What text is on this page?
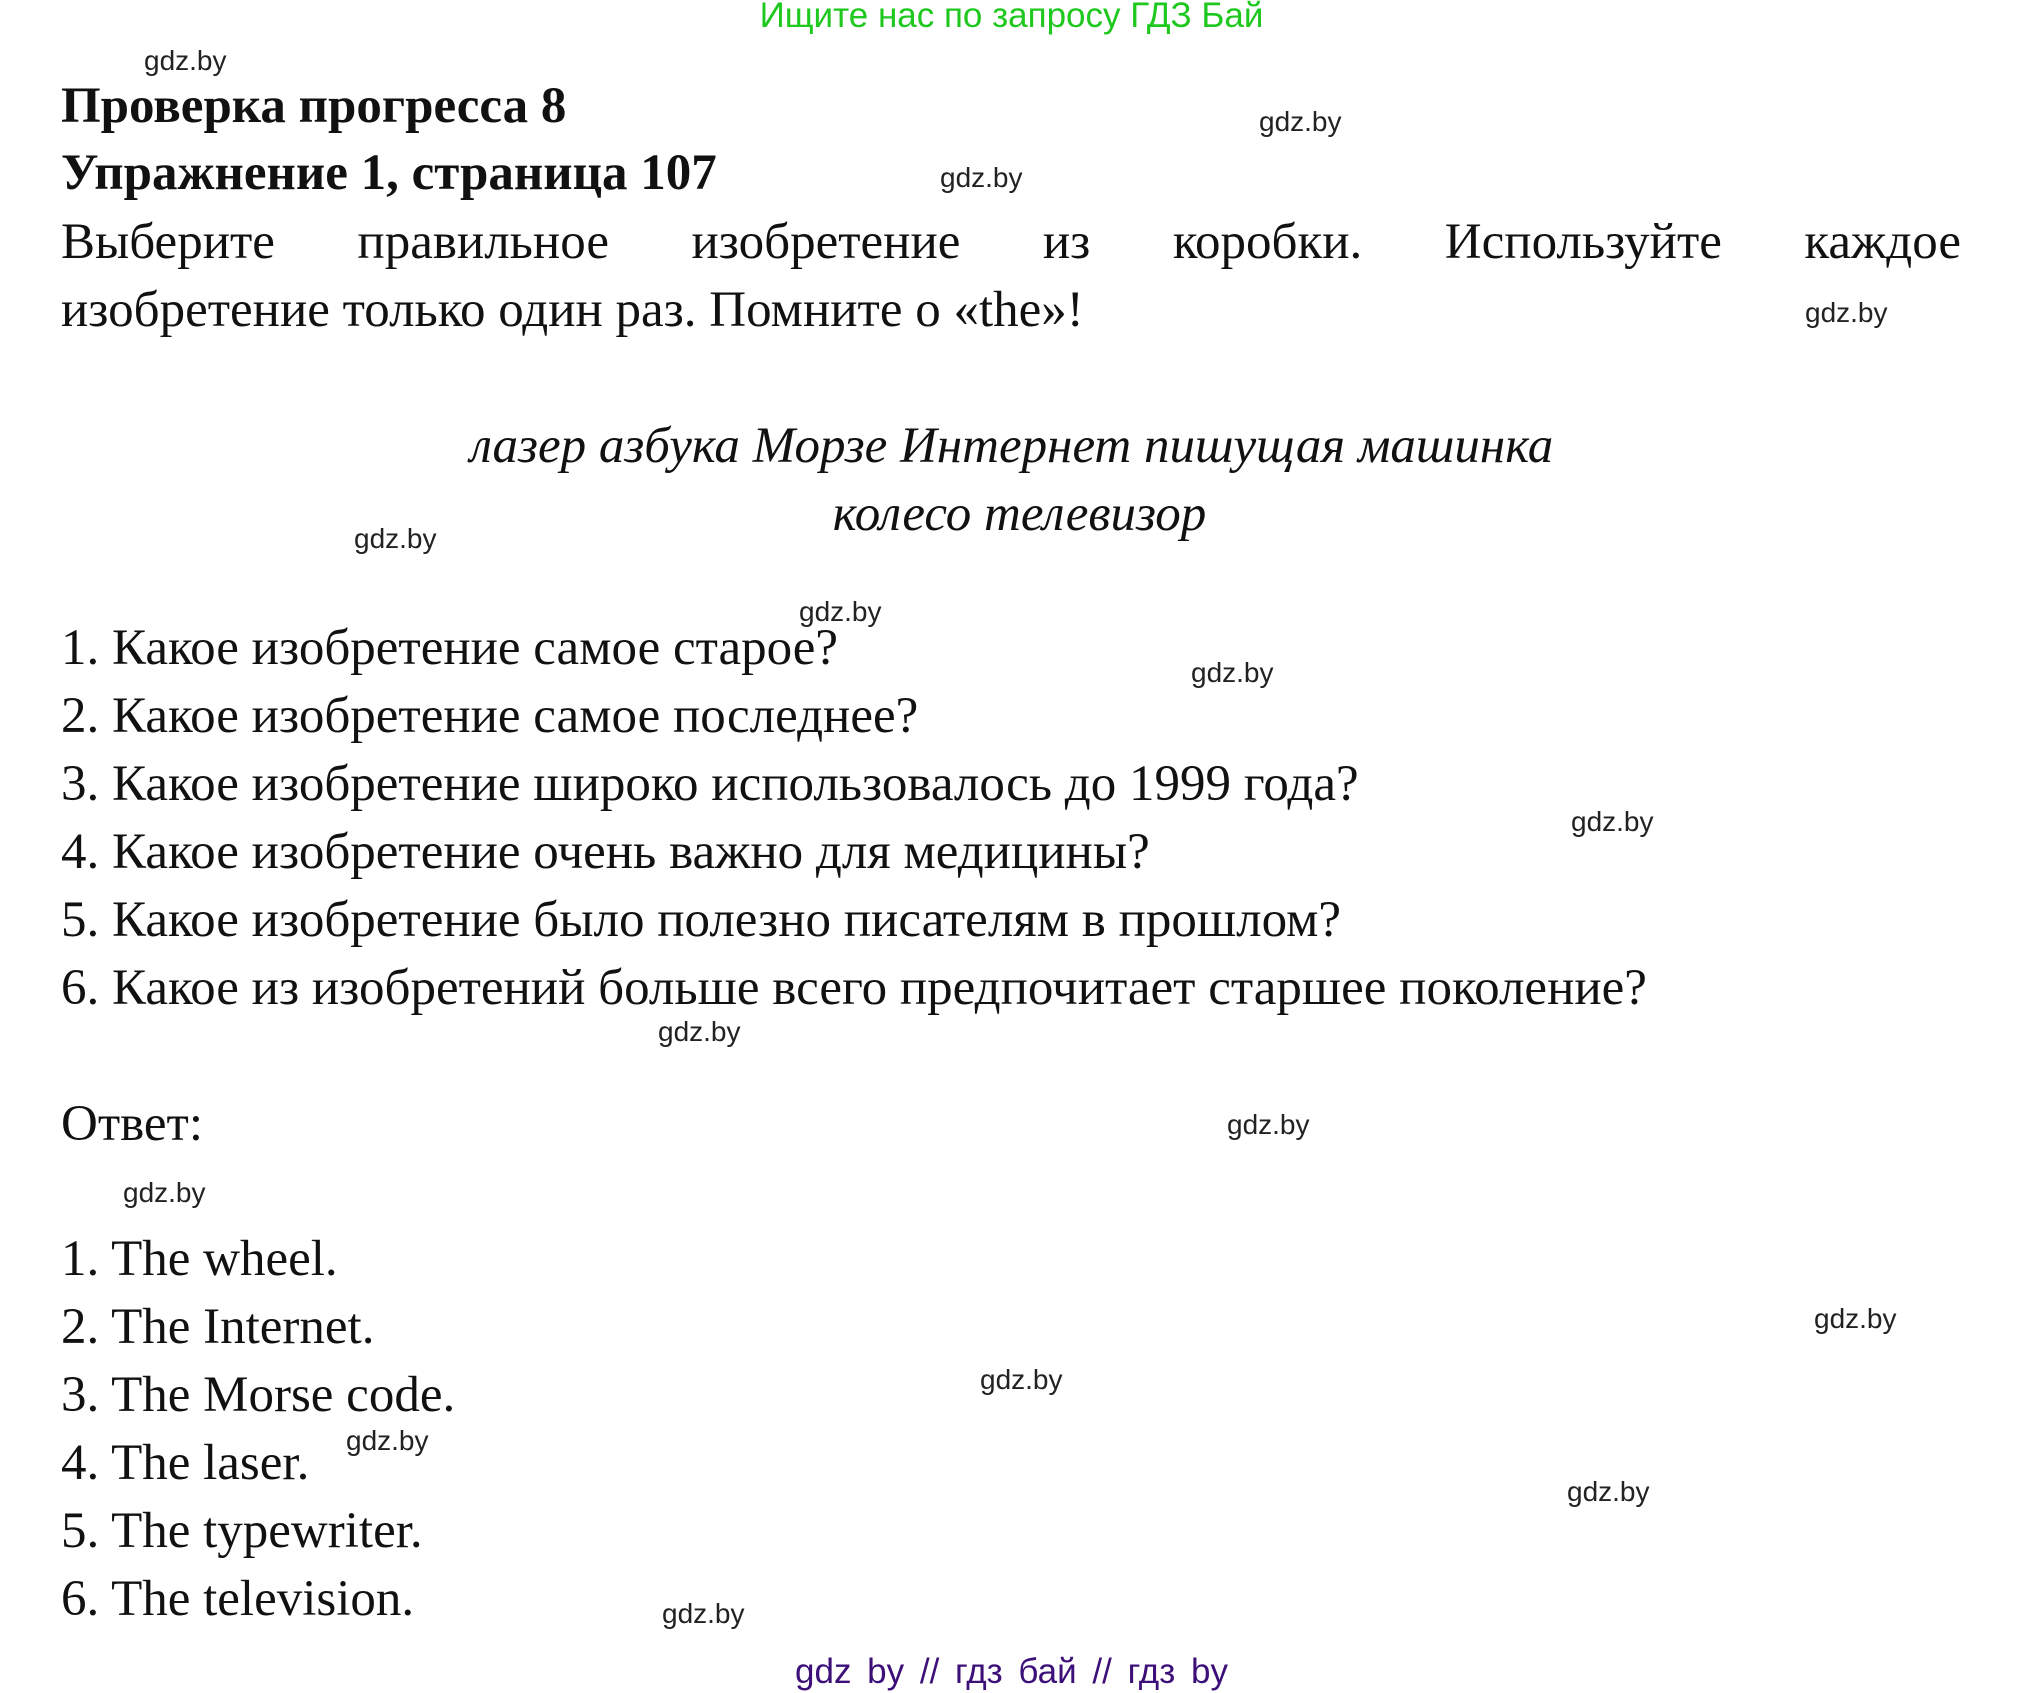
Ищите нас по запросу ГДЗ Бай
Проверка прогресса 8
Упражнение 1, страница 107
Выберите правильное изобретение из коробки. Используйте каждое
изобретение только один раз. Помните о «the»!
лазер азбука Морзе Интернет пишущая машинка
колесо телевизор
1. Какое изобретение самое старое?
2. Какое изобретение самое последнее?
3. Какое изобретение широко использовалось до 1999 года?
4. Какое изобретение очень важно для медицины?
5. Какое изобретение было полезно писателям в прошлом?
6. Какое из изобретений больше всего предпочитает старшее поколение?
Ответ:
1. The wheel.
2. The Internet.
3. The Morse code.
4. The laser.
5. The typewriter.
6. The television.
gdz.by
gdz.by
gdz.by
gdz.by
gdz.by
gdz.by
gdz.by
gdz.by
gdz.by
gdz.by
gdz.by
gdz.by
gdz.by
gdz.by
gdz.by
gdz.by
gdz by // гдз бай // гдз by
